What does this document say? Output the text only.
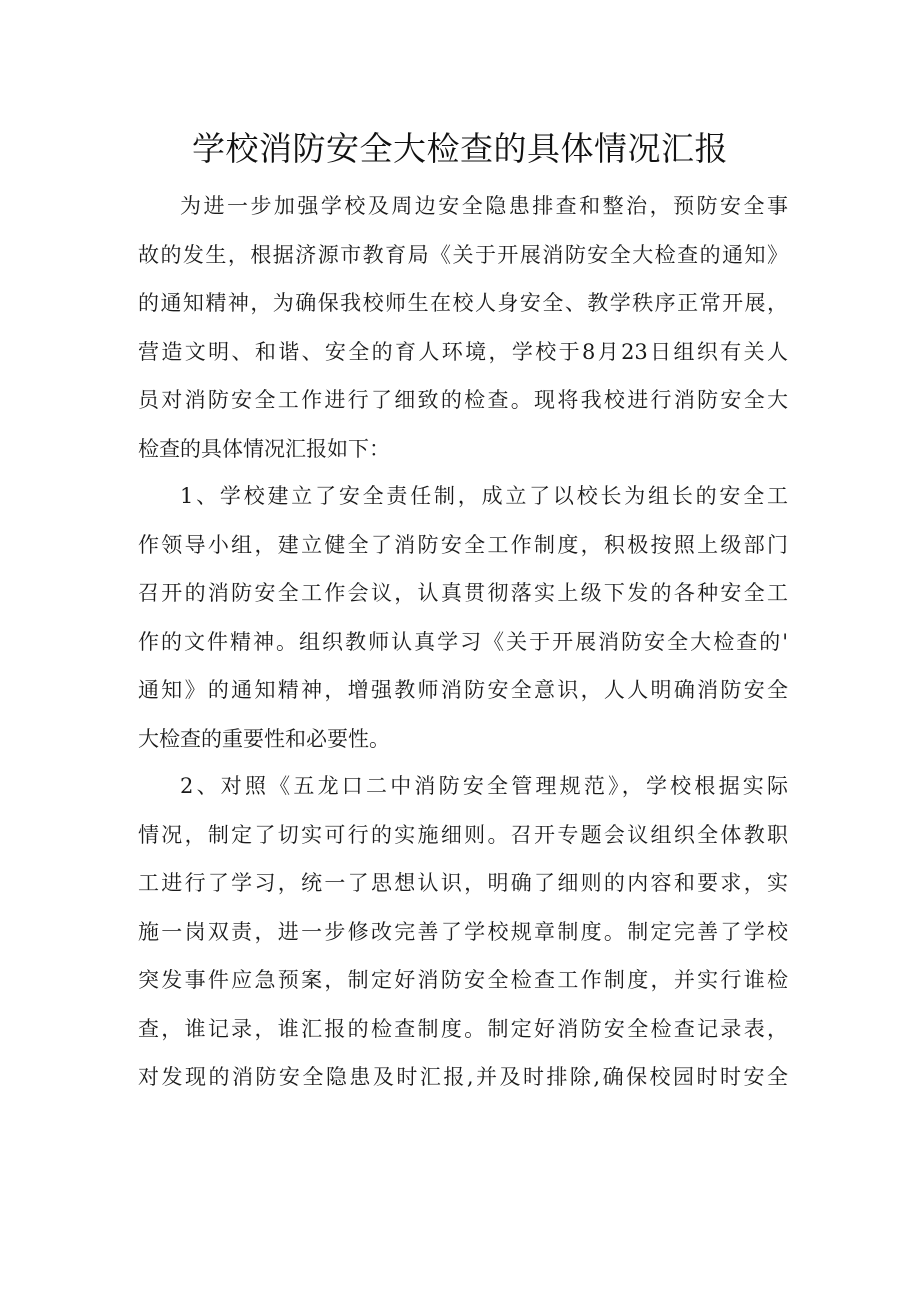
学校消防安全大检查的具体情况汇报
为进一步加强学校及周边安全隐患排查和整治，预防安全事
故的发生，根据济源市教育局《关于开展消防安全大检查的通知》
的通知精神，为确保我校师生在校人身安全、教学秩序正常开展，
营造文明、和谐、安全的育人环境，学校于8月23日组织有关人
员对消防安全工作进行了细致的检查。现将我校进行消防安全大
检查的具体情况汇报如下：
1、学校建立了安全责任制，成立了以校长为组长的安全工
作领导小组，建立健全了消防安全工作制度，积极按照上级部门
召开的消防安全工作会议，认真贯彻落实上级下发的各种安全工
作的文件精神。组织教师认真学习《关于开展消防安全大检查的'
通知》的通知精神，增强教师消防安全意识，人人明确消防安全
大检查的重要性和必要性。
2、对照《五龙口二中消防安全管理规范》，学校根据实际
情况，制定了切实可行的实施细则。召开专题会议组织全体教职
工进行了学习，统一了思想认识，明确了细则的内容和要求，实
施一岗双责，进一步修改完善了学校规章制度。制定完善了学校
突发事件应急预案，制定好消防安全检查工作制度，并实行谁检
查，谁记录，谁汇报的检查制度。制定好消防安全检查记录表，
对发现的消防安全隐患及时汇报,并及时排除,确保校园时时安全
